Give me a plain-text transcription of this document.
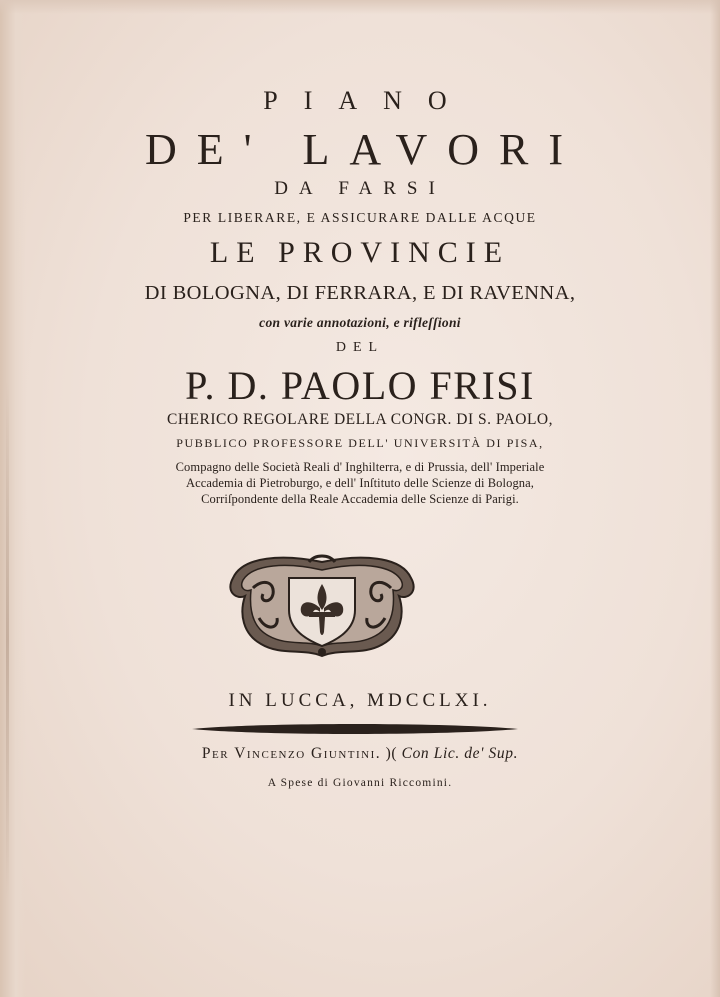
PIANO

DE' LAVORI

DA FARSI

PER LIBERARE, E ASSICURARE DALLE ACQUE

LE PROVINCIE

DI BOLOGNA, DI FERRARA, E DI RAVENNA,

con varie annotazioni, e rifleſſioni

DEL

P. D. PAOLO FRISI

CHERICO REGOLARE DELLA CONGR. DI S. PAOLO,

PUBBLICO PROFESSORE DELL' UNIVERSITÀ DI PISA,

Compagno delle Società Reali d' Inghilterra, e di Prussia, dell' Imperiale

Accademia di Pietroburgo, e dell' Inſtituto delle Scienze di Bologna,

Corriſpondente della Reale Accademia delle Scienze di Parigi.

IN LUCCA, MDCCLXI.

Per Vincenzo Giuntini. )( Con Lic. de' Sup.

A Spese di Giovanni Riccomini.
